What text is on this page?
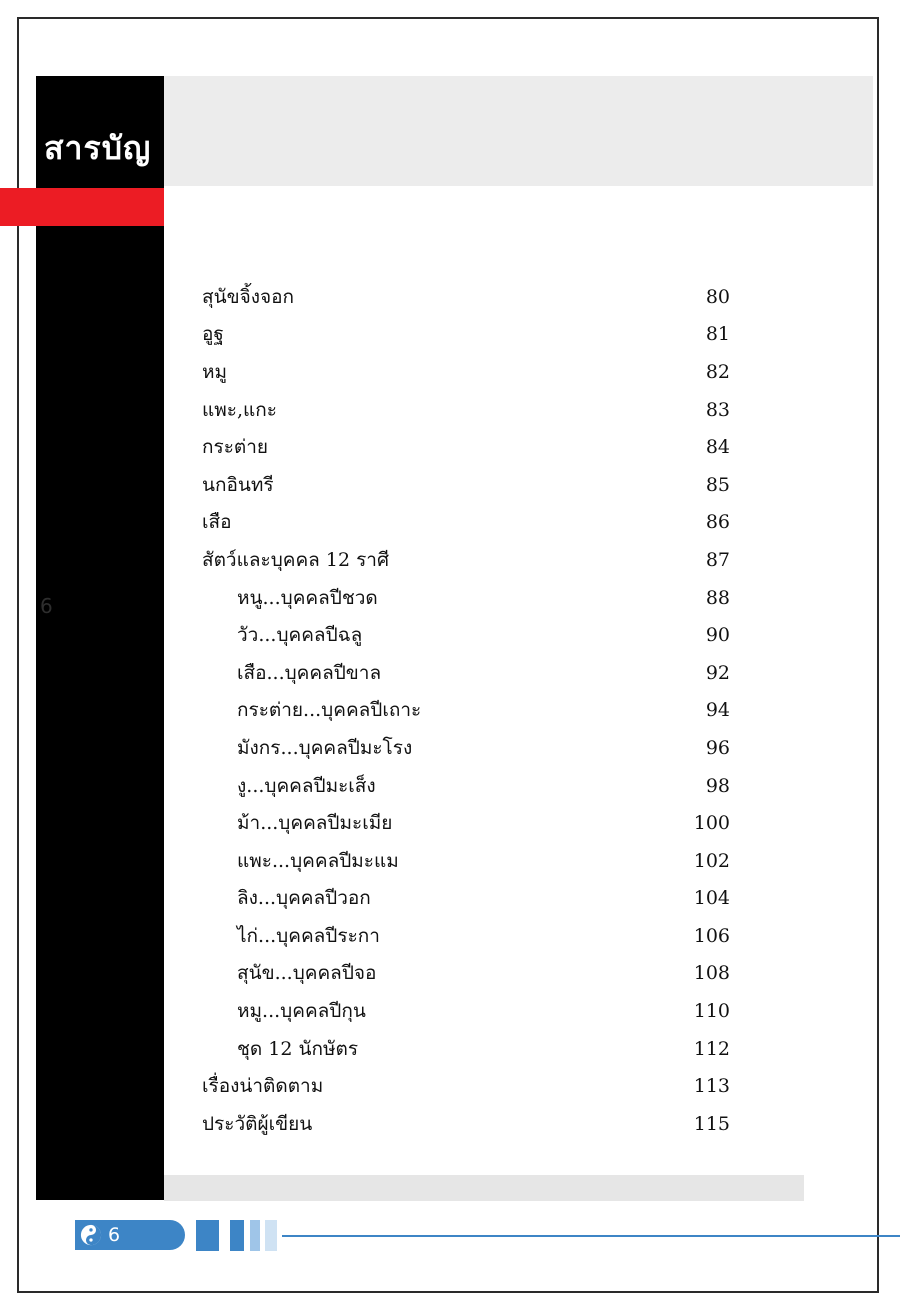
สารบัญ
6
สุนัขจิ้งจอก	80
อูฐ	81
หมู	82
แพะ,แกะ	83
กระต่าย	84
นกอินทรี	85
เสือ	86
สัตว์และบุคคล 12 ราศี	87
หนู...บุคคลปีชวด	88
วัว...บุคคลปีฉลู	90
เสือ...บุคคลปีขาล	92
กระต่าย...บุคคลปีเถาะ	94
มังกร...บุคคลปีมะโรง	96
งู...บุคคลปีมะเส็ง	98
ม้า...บุคคลปีมะเมีย	100
แพะ...บุคคลปีมะแม	102
ลิง...บุคคลปีวอก	104
ไก่...บุคคลปีระกา	106
สุนัข...บุคคลปีจอ	108
หมู...บุคคลปีกุน	110
ชุด 12 นักษัตร	112
เรื่องน่าติดตาม	113
ประวัติผู้เขียน	115
6
